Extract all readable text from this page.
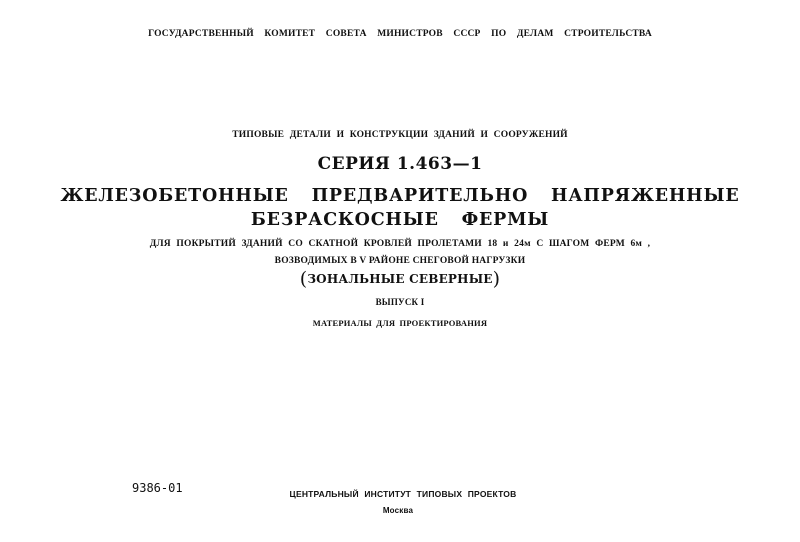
ГОСУДАРСТВЕННЫЙ КОМИТЕТ СОВЕТА МИНИСТРОВ СССР ПО ДЕЛАМ СТРОИТЕЛЬСТВА
ТИПОВЫЕ ДЕТАЛИ И КОНСТРУКЦИИ ЗДАНИЙ И СООРУЖЕНИЙ
СЕРИЯ 1.463—1
ЖЕЛЕЗОБЕТОННЫЕ ПРЕДВАРИТЕЛЬНО НАПРЯЖЕННЫЕ
БЕЗРАСКОСНЫЕ ФЕРМЫ
ДЛЯ ПОКРЫТИЙ ЗДАНИЙ СО СКАТНОЙ КРОВЛЕЙ ПРОЛЕТАМИ 18 и 24м С ШАГОМ ФЕРМ 6м ,
ВОЗВОДИМЫХ В V РАЙОНЕ СНЕГОВОЙ НАГРУЗКИ
(ЗОНАЛЬНЫЕ СЕВЕРНЫЕ)
ВЫПУСК I
МАТЕРИАЛЫ ДЛЯ ПРОЕКТИРОВАНИЯ
9386-01	ЦЕНТРАЛЬНЫЙ ИНСТИТУТ ТИПОВЫХ ПРОЕКТОВ
Москва
